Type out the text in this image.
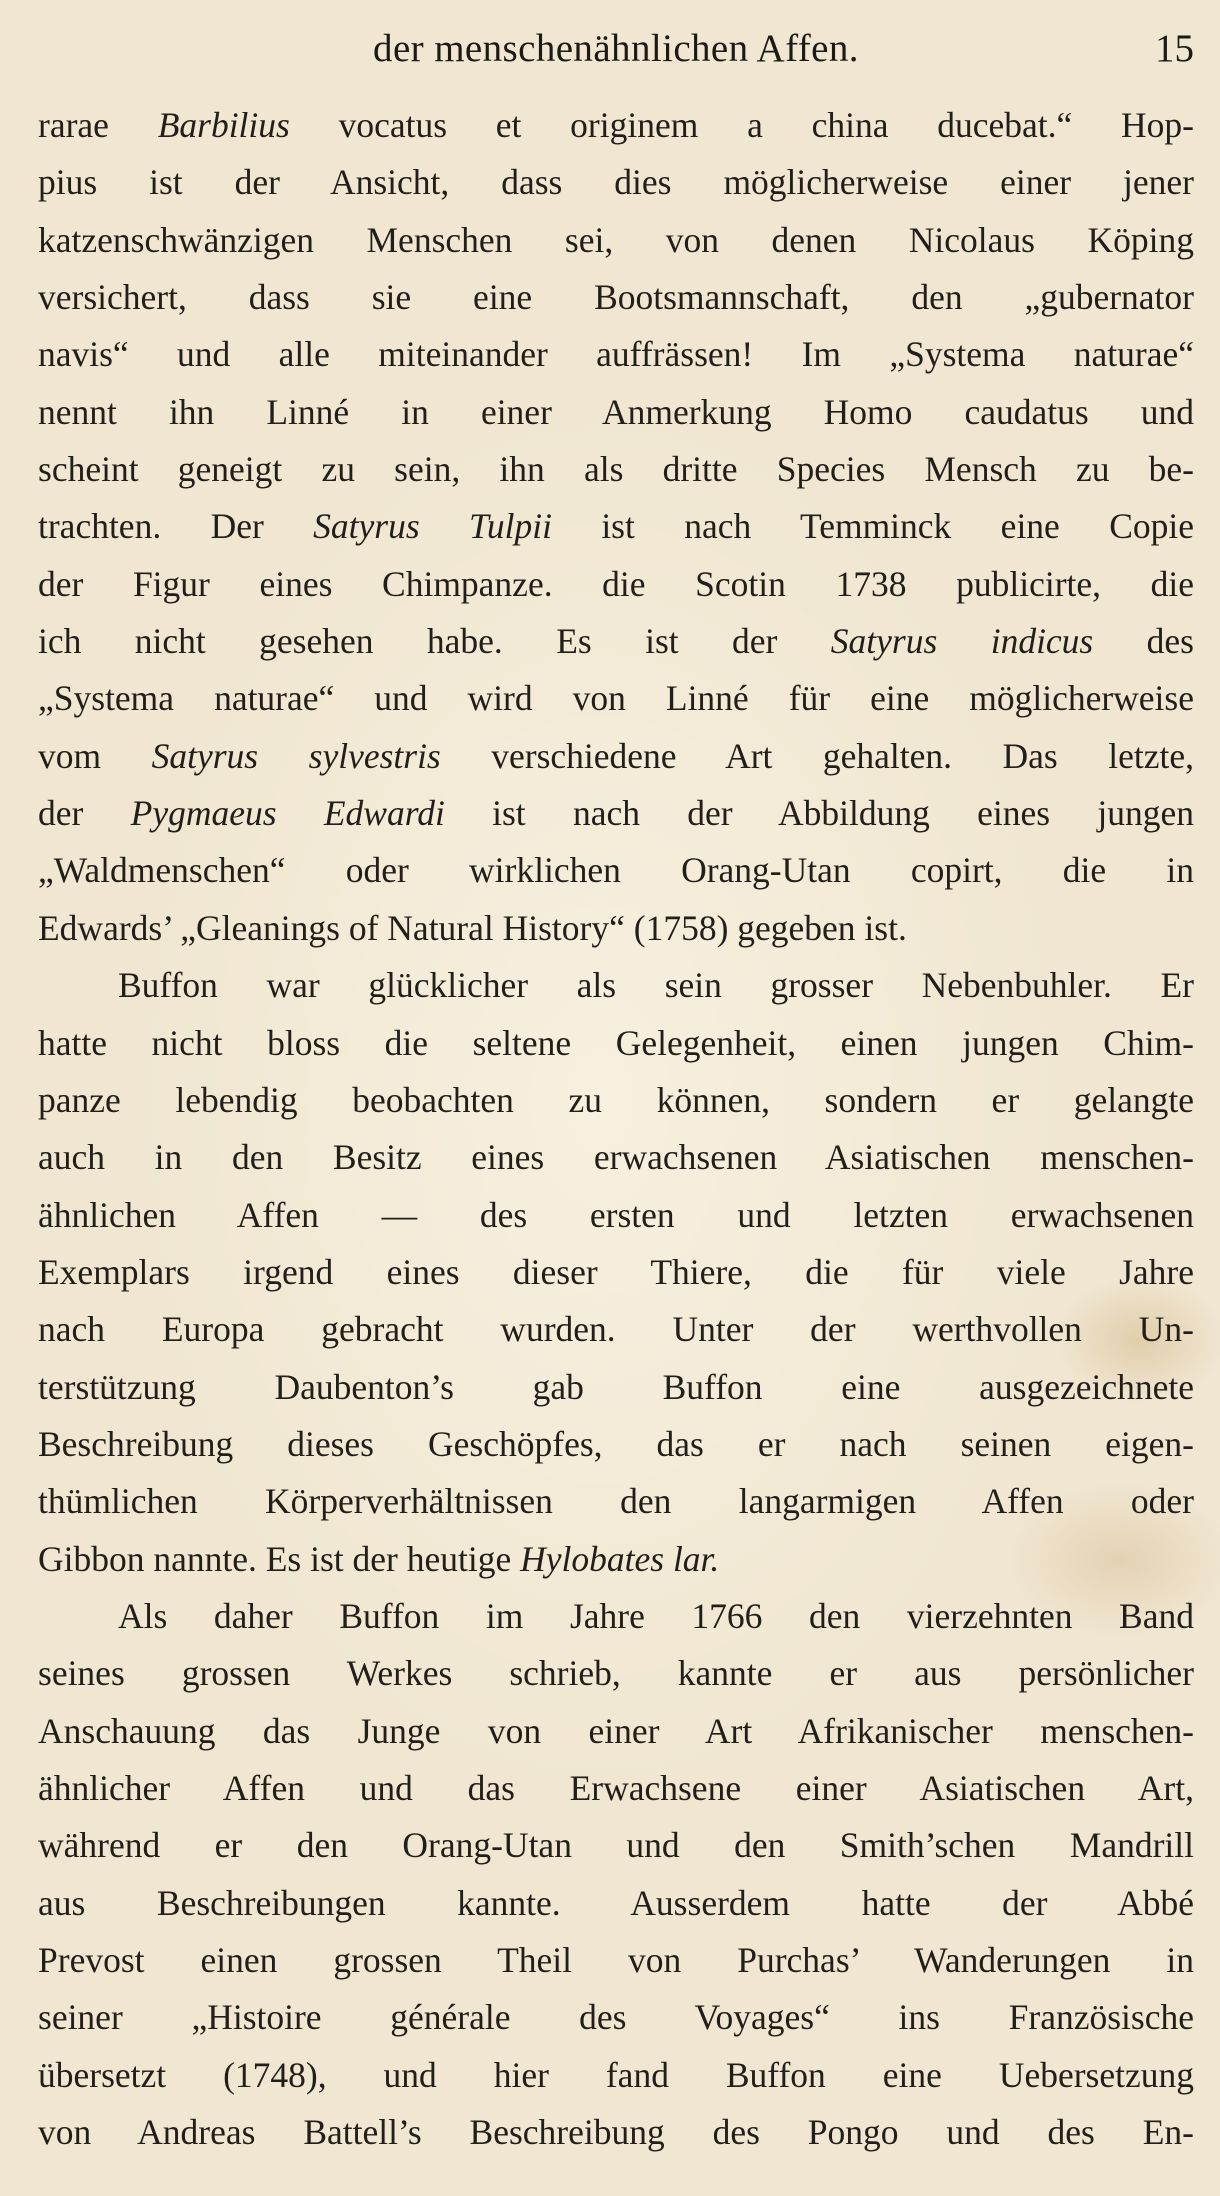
der menschenähnlichen Affen.	15
rarae Barbilius vocatus et originem a china ducebat.“ Hop-
pius ist der Ansicht, dass dies möglicherweise einer jener
katzenschwänzigen Menschen sei, von denen Nicolaus Köping
versichert, dass sie eine Bootsmannschaft, den „gubernator
navis“ und alle miteinander auffrässen! Im „Systema naturae“
nennt ihn Linné in einer Anmerkung Homo caudatus und
scheint geneigt zu sein, ihn als dritte Species Mensch zu be-
trachten. Der Satyrus Tulpii ist nach Temminck eine Copie
der Figur eines Chimpanze. die Scotin 1738 publicirte, die
ich nicht gesehen habe. Es ist der Satyrus indicus des
„Systema naturae“ und wird von Linné für eine möglicherweise
vom Satyrus sylvestris verschiedene Art gehalten. Das letzte,
der Pygmaeus Edwardi ist nach der Abbildung eines jungen
„Waldmenschen“ oder wirklichen Orang-Utan copirt, die in
Edwards’ „Gleanings of Natural History“ (1758) gegeben ist.
Buffon war glücklicher als sein grosser Nebenbuhler. Er
hatte nicht bloss die seltene Gelegenheit, einen jungen Chim-
panze lebendig beobachten zu können, sondern er gelangte
auch in den Besitz eines erwachsenen Asiatischen menschen-
ähnlichen Affen — des ersten und letzten erwachsenen
Exemplars irgend eines dieser Thiere, die für viele Jahre
nach Europa gebracht wurden. Unter der werthvollen Un-
terstützung Daubenton’s gab Buffon eine ausgezeichnete
Beschreibung dieses Geschöpfes, das er nach seinen eigen-
thümlichen Körperverhältnissen den langarmigen Affen oder
Gibbon nannte. Es ist der heutige Hylobates lar.
Als daher Buffon im Jahre 1766 den vierzehnten Band
seines grossen Werkes schrieb, kannte er aus persönlicher
Anschauung das Junge von einer Art Afrikanischer menschen-
ähnlicher Affen und das Erwachsene einer Asiatischen Art,
während er den Orang-Utan und den Smith’schen Mandrill
aus Beschreibungen kannte. Ausserdem hatte der Abbé
Prevost einen grossen Theil von Purchas’ Wanderungen in
seiner „Histoire générale des Voyages“ ins Französische
übersetzt (1748), und hier fand Buffon eine Uebersetzung
von Andreas Battell’s Beschreibung des Pongo und des En-
